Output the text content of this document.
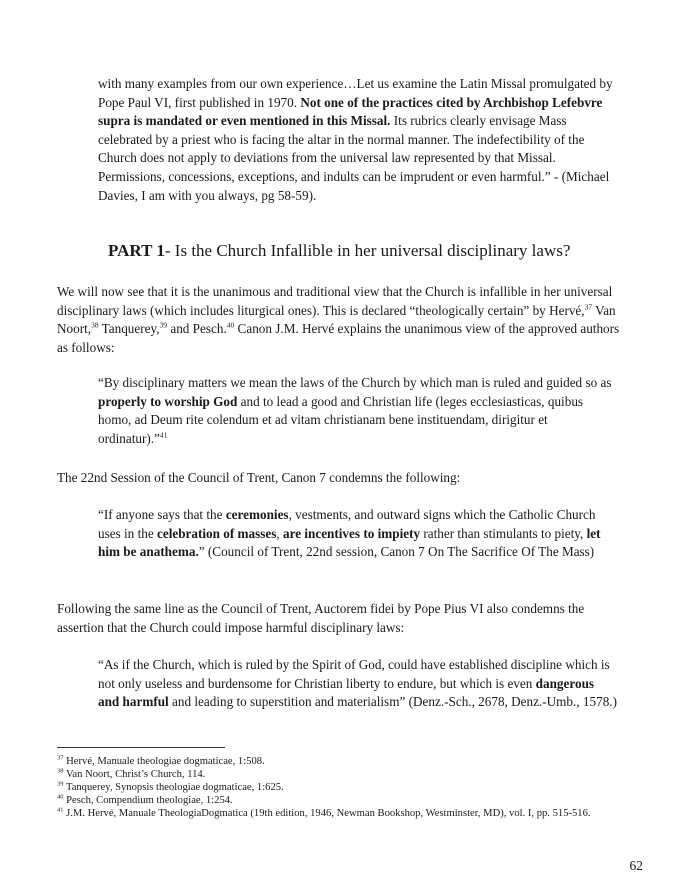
with many examples from our own experience…Let us examine the Latin Missal promulgated by Pope Paul VI, first published in 1970. Not one of the practices cited by Archbishop Lefebvre supra is mandated or even mentioned in this Missal. Its rubrics clearly envisage Mass celebrated by a priest who is facing the altar in the normal manner. The indefectibility of the Church does not apply to deviations from the universal law represented by that Missal. Permissions, concessions, exceptions, and indults can be imprudent or even harmful.” - (Michael Davies, I am with you always, pg 58-59).

PART 1- Is the Church Infallible in her universal disciplinary laws?

We will now see that it is the unanimous and traditional view that the Church is infallible in her universal disciplinary laws (which includes liturgical ones). This is declared “theologically certain” by Hervé,$^{37}$ Van Noort,$^{38}$ Tanquerey,$^{39}$ and Pesch.$^{40}$ Canon J.M. Hervé explains the unanimous view of the approved authors as follows:

“By disciplinary matters we mean the laws of the Church by which man is ruled and guided so as properly to worship God and to lead a good and Christian life (leges ecclesiasticas, quibus homo, ad Deum rite colendum et ad vitam christianam bene instituendam, dirigitur et ordinatur).”$^{41}$

The 22nd Session of the Council of Trent, Canon 7 condemns the following:

“If anyone says that the ceremonies, vestments, and outward signs which the Catholic Church uses in the celebration of masses, are incentives to impiety rather than stimulants to piety, let him be anathema.” (Council of Trent, 22nd session, Canon 7 On The Sacrifice Of The Mass)

Following the same line as the Council of Trent, Auctorem fidei by Pope Pius VI also condemns the assertion that the Church could impose harmful disciplinary laws:

“As if the Church, which is ruled by the Spirit of God, could have established discipline which is not only useless and burdensome for Christian liberty to endure, but which is even dangerous and harmful and leading to superstition and materialism” (Denz.-Sch., 2678, Denz.-Umb., 1578.)

$^{37}$ Hervé, Manuale theologiae dogmaticae, 1:508.

$^{38}$ Van Noort, Christ’s Church, 114.

$^{39}$ Tanquerey, Synopsis theologiae dogmaticae, 1:625.

$^{40}$ Pesch, Compendium theologiae, 1:254.

$^{41}$ J.M. Hervé, Manuale TheologiaDogmatica (19th edition, 1946, Newman Bookshop, Westminster, MD), vol. I, pp. 515-516.

62
